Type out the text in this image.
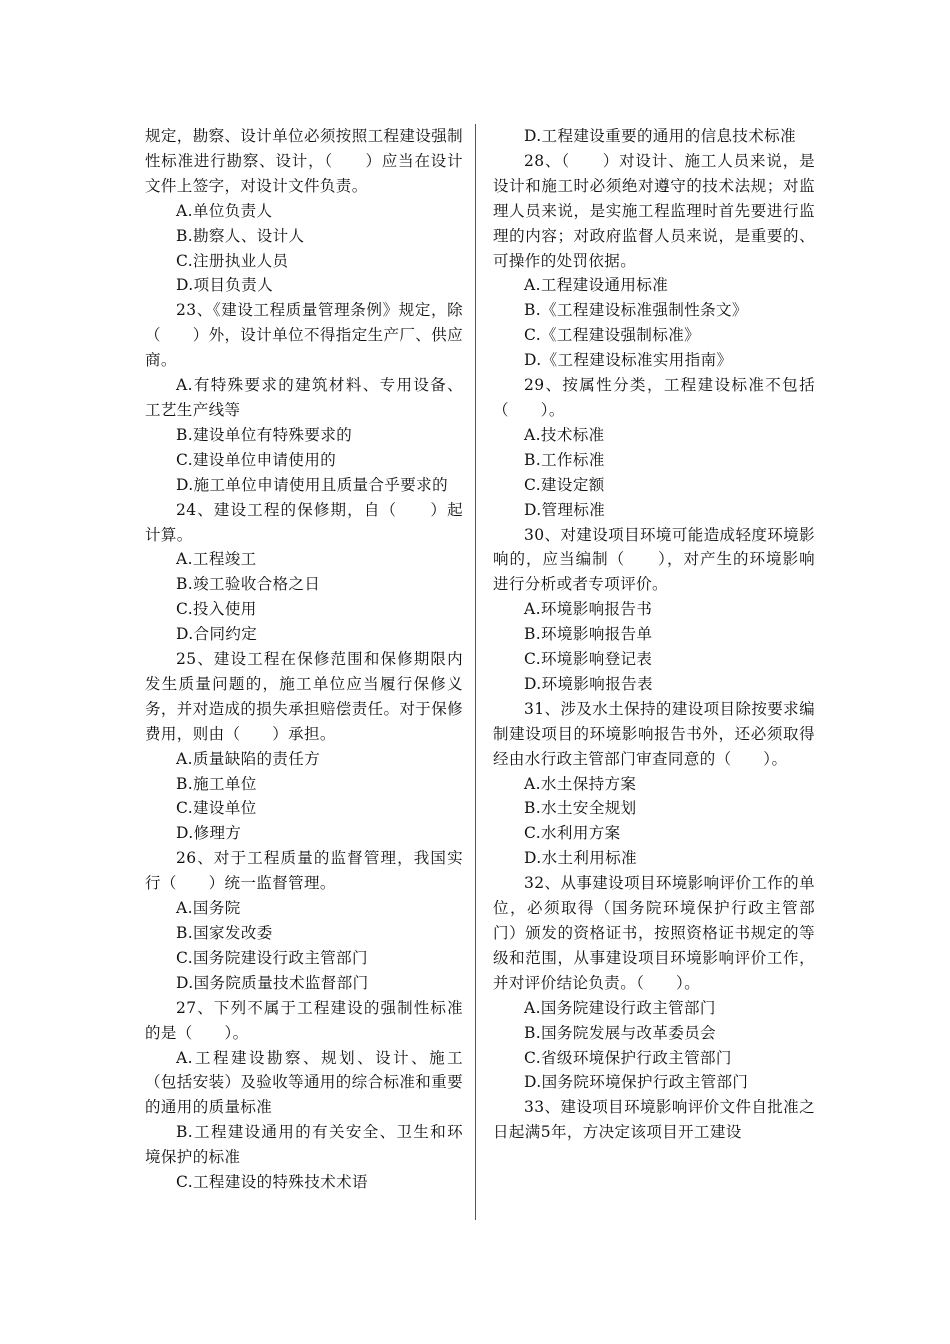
规定，勘察、设计单位必须按照工程建设强制性标准进行勘察、设计，（　　）应当在设计文件上签字，对设计文件负责。

A.单位负责人

B.勘察人、设计人

C.注册执业人员

D.项目负责人

23、《建设工程质量管理条例》规定，除（　　）外，设计单位不得指定生产厂、供应商。

A.有特殊要求的建筑材料、专用设备、工艺生产线等

B.建设单位有特殊要求的

C.建设单位申请使用的

D.施工单位申请使用且质量合乎要求的

24、建设工程的保修期，自（　　）起计算。

A.工程竣工

B.竣工验收合格之日

C.投入使用

D.合同约定

25、建设工程在保修范围和保修期限内发生质量问题的，施工单位应当履行保修义务，并对造成的损失承担赔偿责任。对于保修费用，则由（　　）承担。

A.质量缺陷的责任方

B.施工单位

C.建设单位

D.修理方

26、对于工程质量的监督管理，我国实行（　　）统一监督管理。

A.国务院

B.国家发改委

C.国务院建设行政主管部门

D.国务院质量技术监督部门

27、下列不属于工程建设的强制性标准的是（　　）。

A.工程建设勘察、规划、设计、施工（包括安装）及验收等通用的综合标准和重要的通用的质量标准

B.工程建设通用的有关安全、卫生和环境保护的标准

C.工程建设的特殊技术术语

D.工程建设重要的通用的信息技术标准

28、（　　）对设计、施工人员来说，是设计和施工时必须绝对遵守的技术法规；对监理人员来说，是实施工程监理时首先要进行监理的内容；对政府监督人员来说，是重要的、可操作的处罚依据。

A.工程建设通用标准

B.《工程建设标准强制性条文》

C.《工程建设强制标准》

D.《工程建设标准实用指南》

29、按属性分类，工程建设标准不包括（　　）。

A.技术标准

B.工作标准

C.建设定额

D.管理标准

30、对建设项目环境可能造成轻度环境影响的，应当编制（　　），对产生的环境影响进行分析或者专项评价。

A.环境影响报告书

B.环境影响报告单

C.环境影响登记表

D.环境影响报告表

31、涉及水土保持的建设项目除按要求编制建设项目的环境影响报告书外，还必须取得经由水行政主管部门审查同意的（　　）。

A.水土保持方案

B.水土安全规划

C.水利用方案

D.水土利用标准

32、从事建设项目环境影响评价工作的单位，必须取得（国务院环境保护行政主管部门）颁发的资格证书，按照资格证书规定的等级和范围，从事建设项目环境影响评价工作，并对评价结论负责。（　　）。

A.国务院建设行政主管部门

B.国务院发展与改革委员会

C.省级环境保护行政主管部门

D.国务院环境保护行政主管部门

33、建设项目环境影响评价文件自批准之日起满5年，方决定该项目开工建设
